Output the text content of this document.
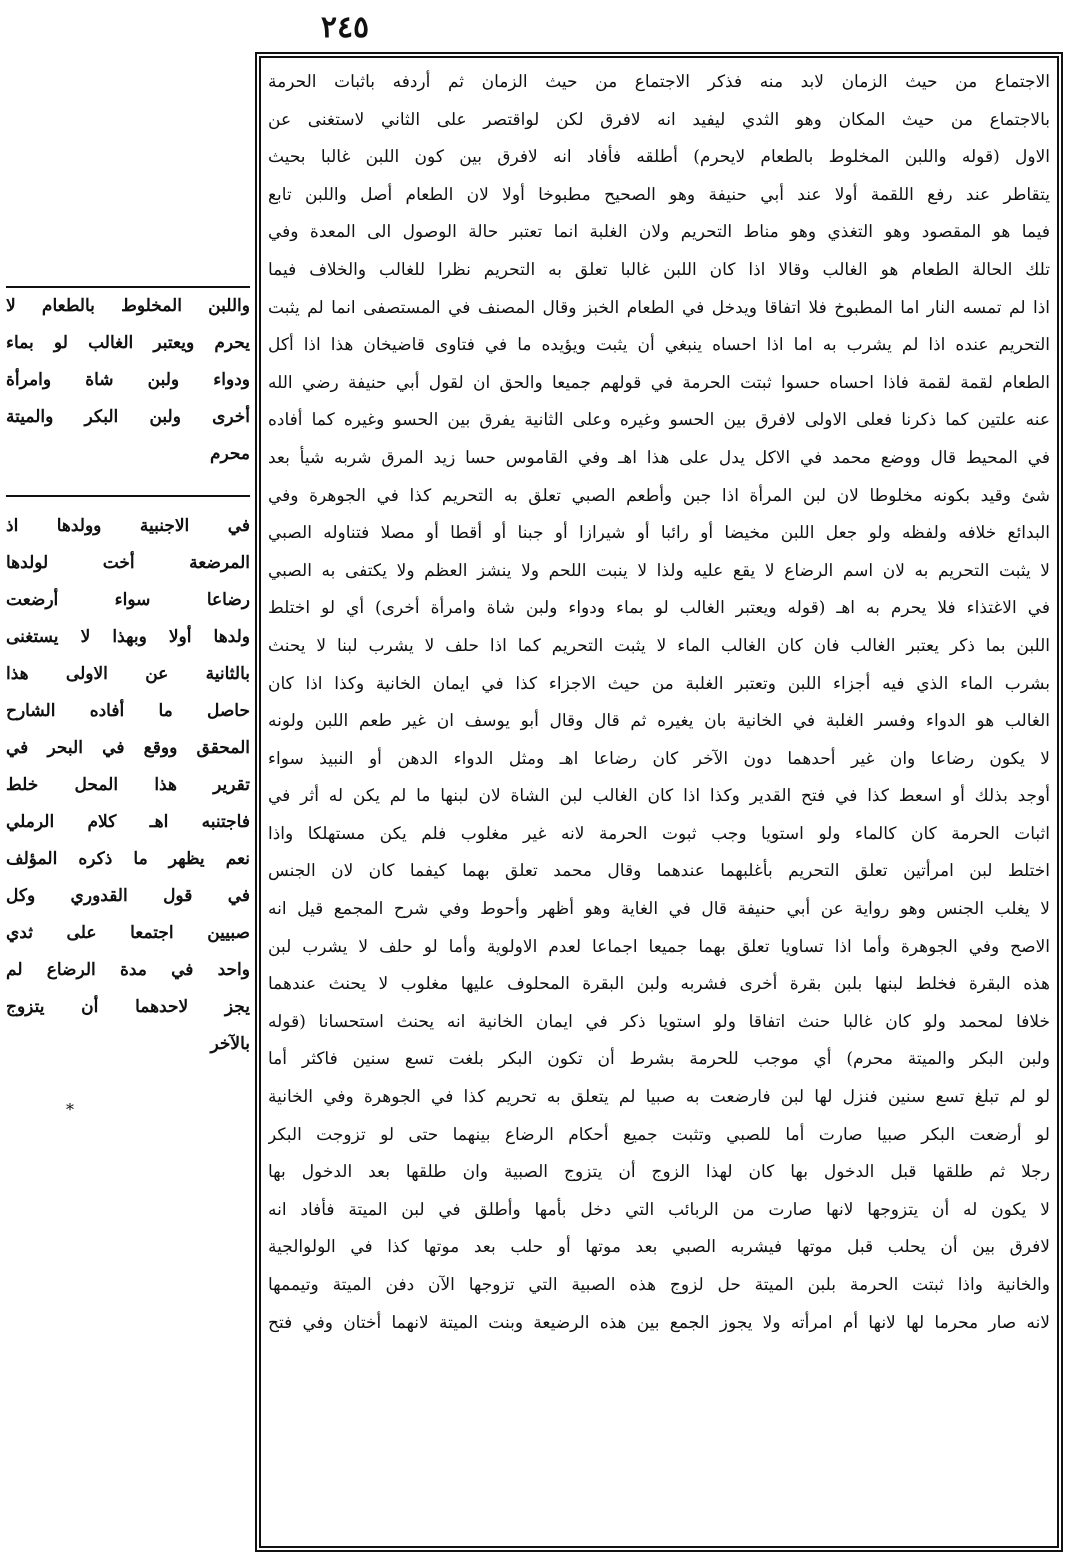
٢٤٥
الاجتماع من حيث الزمان لابد منه فذكر الاجتماع من حيث الزمان ثم أردفه باثبات الحرمة
بالاجتماع من حيث المكان وهو الثدي ليفيد انه لافرق لكن لواقتصر على الثاني لاستغنى عن
الاول (قوله واللبن المخلوط بالطعام لايحرم) أطلقه فأفاد انه لافرق بين كون اللبن غالبا بحيث
يتقاطر عند رفع اللقمة أولا عند أبي حنيفة وهو الصحيح مطبوخا أولا لان الطعام أصل واللبن تابع
فيما هو المقصود وهو التغذي وهو مناط التحريم ولان الغلبة انما تعتبر حالة الوصول الى المعدة وفي
تلك الحالة الطعام هو الغالب وقالا اذا كان اللبن غالبا تعلق به التحريم نظرا للغالب والخلاف فيما
اذا لم تمسه النار اما المطبوخ فلا اتفاقا ويدخل في الطعام الخبز وقال المصنف في المستصفى انما لم يثبت
التحريم عنده اذا لم يشرب به اما اذا احساه ينبغي أن يثبت ويؤيده ما في فتاوى قاضيخان هذا اذا أكل
الطعام لقمة لقمة فاذا احساه حسوا ثبتت الحرمة في قولهم جميعا والحق ان لقول أبي حنيفة رضي الله
عنه علتين كما ذكرنا فعلى الاولى لافرق بين الحسو وغيره وعلى الثانية يفرق بين الحسو وغيره كما أفاده
في المحيط قال ووضع محمد في الاكل يدل على هذا اهـ وفي القاموس حسا زيد المرق شربه شيأ بعد
شئ وقيد بكونه مخلوطا لان لبن المرأة اذا جبن وأطعم الصبي تعلق به التحريم كذا في الجوهرة وفي
البدائع خلافه ولفظه ولو جعل اللبن مخيضا أو رائبا أو شيرازا أو جبنا أو أقطا أو مصلا فتناوله الصبي
لا يثبت التحريم به لان اسم الرضاع لا يقع عليه ولذا لا ينبت اللحم ولا ينشز العظم ولا يكتفى به الصبي
في الاغتذاء فلا يحرم به اهـ (قوله ويعتبر الغالب لو بماء ودواء ولبن شاة وامرأة أخرى) أي لو اختلط
اللبن بما ذكر يعتبر الغالب فان كان الغالب الماء لا يثبت التحريم كما اذا حلف لا يشرب لبنا لا يحنث
بشرب الماء الذي فيه أجزاء اللبن وتعتبر الغلبة من حيث الاجزاء كذا في ايمان الخانية وكذا اذا كان
الغالب هو الدواء وفسر الغلبة في الخانية بان يغيره ثم قال وقال أبو يوسف ان غير طعم اللبن ولونه
لا يكون رضاعا وان غير أحدهما دون الآخر كان رضاعا اهـ ومثل الدواء الدهن أو النبيذ سواء
أوجد بذلك أو اسعط كذا في فتح القدير وكذا اذا كان الغالب لبن الشاة لان لبنها ما لم يكن له أثر في
اثبات الحرمة كان كالماء ولو استويا وجب ثبوت الحرمة لانه غير مغلوب فلم يكن مستهلكا واذا
اختلط لبن امرأتين تعلق التحريم بأغلبهما عندهما وقال محمد تعلق بهما كيفما كان لان الجنس
لا يغلب الجنس وهو رواية عن أبي حنيفة قال في الغاية وهو أظهر وأحوط وفي شرح المجمع قيل انه
الاصح وفي الجوهرة وأما اذا تساويا تعلق بهما جميعا اجماعا لعدم الاولوية وأما لو حلف لا يشرب لبن
هذه البقرة فخلط لبنها بلبن بقرة أخرى فشربه ولبن البقرة المحلوف عليها مغلوب لا يحنث عندهما
خلافا لمحمد ولو كان غالبا حنث اتفاقا ولو استويا ذكر في ايمان الخانية انه يحنث استحسانا (قوله
ولبن البكر والميتة محرم) أي موجب للحرمة بشرط أن تكون البكر بلغت تسع سنين فاكثر أما
لو لم تبلغ تسع سنين فنزل لها لبن فارضعت به صبيا لم يتعلق به تحريم كذا في الجوهرة وفي الخانية
لو أرضعت البكر صبيا صارت أما للصبي وتثبت جميع أحكام الرضاع بينهما حتى لو تزوجت البكر
رجلا ثم طلقها قبل الدخول بها كان لهذا الزوج أن يتزوج الصبية وان طلقها بعد الدخول بها
لا يكون له أن يتزوجها لانها صارت من الربائب التي دخل بأمها وأطلق في لبن الميتة فأفاد انه
لافرق بين أن يحلب قبل موتها فيشربه الصبي بعد موتها أو حلب بعد موتها كذا في الولوالجية
والخانية واذا ثبتت الحرمة بلبن الميتة حل لزوج هذه الصبية التي تزوجها الآن دفن الميتة وتيممها
لانه صار محرما لها لانها أم امرأته ولا يجوز الجمع بين هذه الرضيعة وبنت الميتة لانهما أختان وفي فتح
واللبن المخلوط بالطعام لا
يحرم ويعتبر الغالب لو بماء
ودواء ولبن شاة وامرأة
أخرى ولبن البكر والميتة
محرم
في الاجنبية وولدها اذ
المرضعة أخت لولدها
رضاعا سواء أرضعت
ولدها أولا وبهذا لا يستغنى
بالثانية عن الاولى هذا
حاصل ما أفاده الشارح
المحقق ووقع في البحر في
تقرير هذا المحل خلط
فاجتنبه اهـ كلام الرملي
نعم يظهر ما ذكره المؤلف
في قول القدوري وكل
صبيين اجتمعا على ثدي
واحد في مدة الرضاع لم
يجز لاحدهما أن يتزوج
بالآخر
*
